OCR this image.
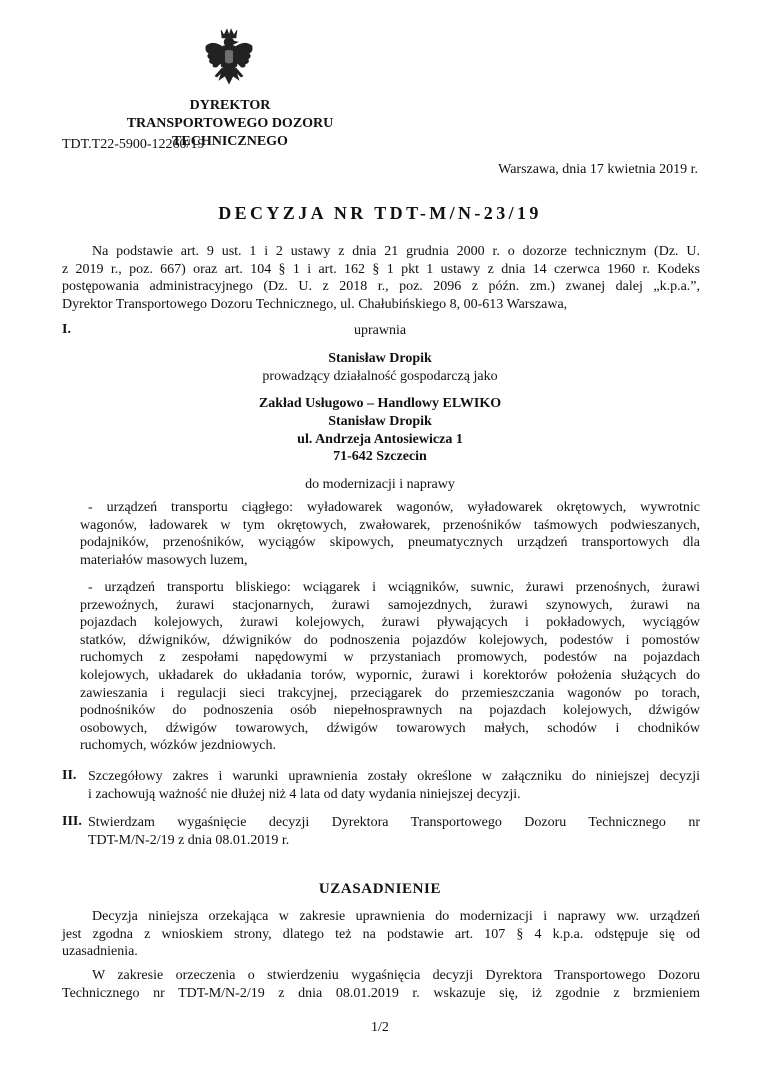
DYREKTOR
TRANSPORTOWEGO DOZORU TECHNICZNEGO
TDT.T22-5900-12260/19
Warszawa, dnia 17 kwietnia 2019 r.
DECYZJA NR TDT-M/N-23/19
Na podstawie art. 9 ust. 1 i 2 ustawy z dnia 21 grudnia 2000 r. o dozorze technicznym (Dz. U.
z 2019 r., poz. 667) oraz art. 104 § 1 i art. 162 § 1 pkt 1 ustawy z dnia 14 czerwca 1960 r. Kodeks
postępowania administracyjnego (Dz. U. z 2018 r., poz. 2096 z późn. zm.) zwanej dalej „k.p.a.”,
Dyrektor Transportowego Dozoru Technicznego, ul. Chałubińskiego 8, 00-613 Warszawa,
I.	uprawnia
Stanisław Dropik
prowadzący działalność gospodarczą jako
Zakład Usługowo – Handlowy ELWIKO
Stanisław Dropik
ul. Andrzeja Antosiewicza 1
71-642 Szczecin
do modernizacji i naprawy
- urządzeń transportu ciągłego: wyładowarek wagonów, wyładowarek okrętowych, wywrotnic
wagonów, ładowarek w tym okrętowych, zwałowarek, przenośników taśmowych podwieszanych,
podajników, przenośników, wyciągów skipowych, pneumatycznych urządzeń transportowych dla
materiałów masowych luzem,
- urządzeń transportu bliskiego: wciągarek i wciągników, suwnic, żurawi przenośnych, żurawi
przewoźnych, żurawi stacjonarnych, żurawi samojezdnych, żurawi szynowych, żurawi na
pojazdach kolejowych, żurawi kolejowych, żurawi pływających i pokładowych, wyciągów
statków, dźwigników, dźwigników do podnoszenia pojazdów kolejowych, podestów i pomostów
ruchomych z zespołami napędowymi w przystaniach promowych, podestów na pojazdach
kolejowych, układarek do układania torów, wypornic, żurawi i korektorów położenia służących do
zawieszania i regulacji sieci trakcyjnej, przeciągarek do przemieszczania wagonów po torach,
podnośników do podnoszenia osób niepełnosprawnych na pojazdach kolejowych, dźwigów
osobowych, dźwigów towarowych, dźwigów towarowych małych, schodów i chodników
ruchomych, wózków jezdniowych.
II. Szczegółowy zakres i warunki uprawnienia zostały określone w załączniku do niniejszej decyzji
i zachowują ważność nie dłużej niż 4 lata od daty wydania niniejszej decyzji.
III. Stwierdzam wygaśnięcie decyzji Dyrektora Transportowego Dozoru Technicznego nr
TDT-M/N-2/19 z dnia 08.01.2019 r.
UZASADNIENIE
Decyzja niniejsza orzekająca w zakresie uprawnienia do modernizacji i naprawy ww. urządzeń
jest zgodna z wnioskiem strony, dlatego też na podstawie art. 107 § 4 k.p.a. odstępuje się od
uzasadnienia.
W zakresie orzeczenia o stwierdzeniu wygaśnięcia decyzji Dyrektora Transportowego Dozoru
Technicznego nr TDT-M/N-2/19 z dnia 08.01.2019 r. wskazuje się, iż zgodnie z brzmieniem
1/2
